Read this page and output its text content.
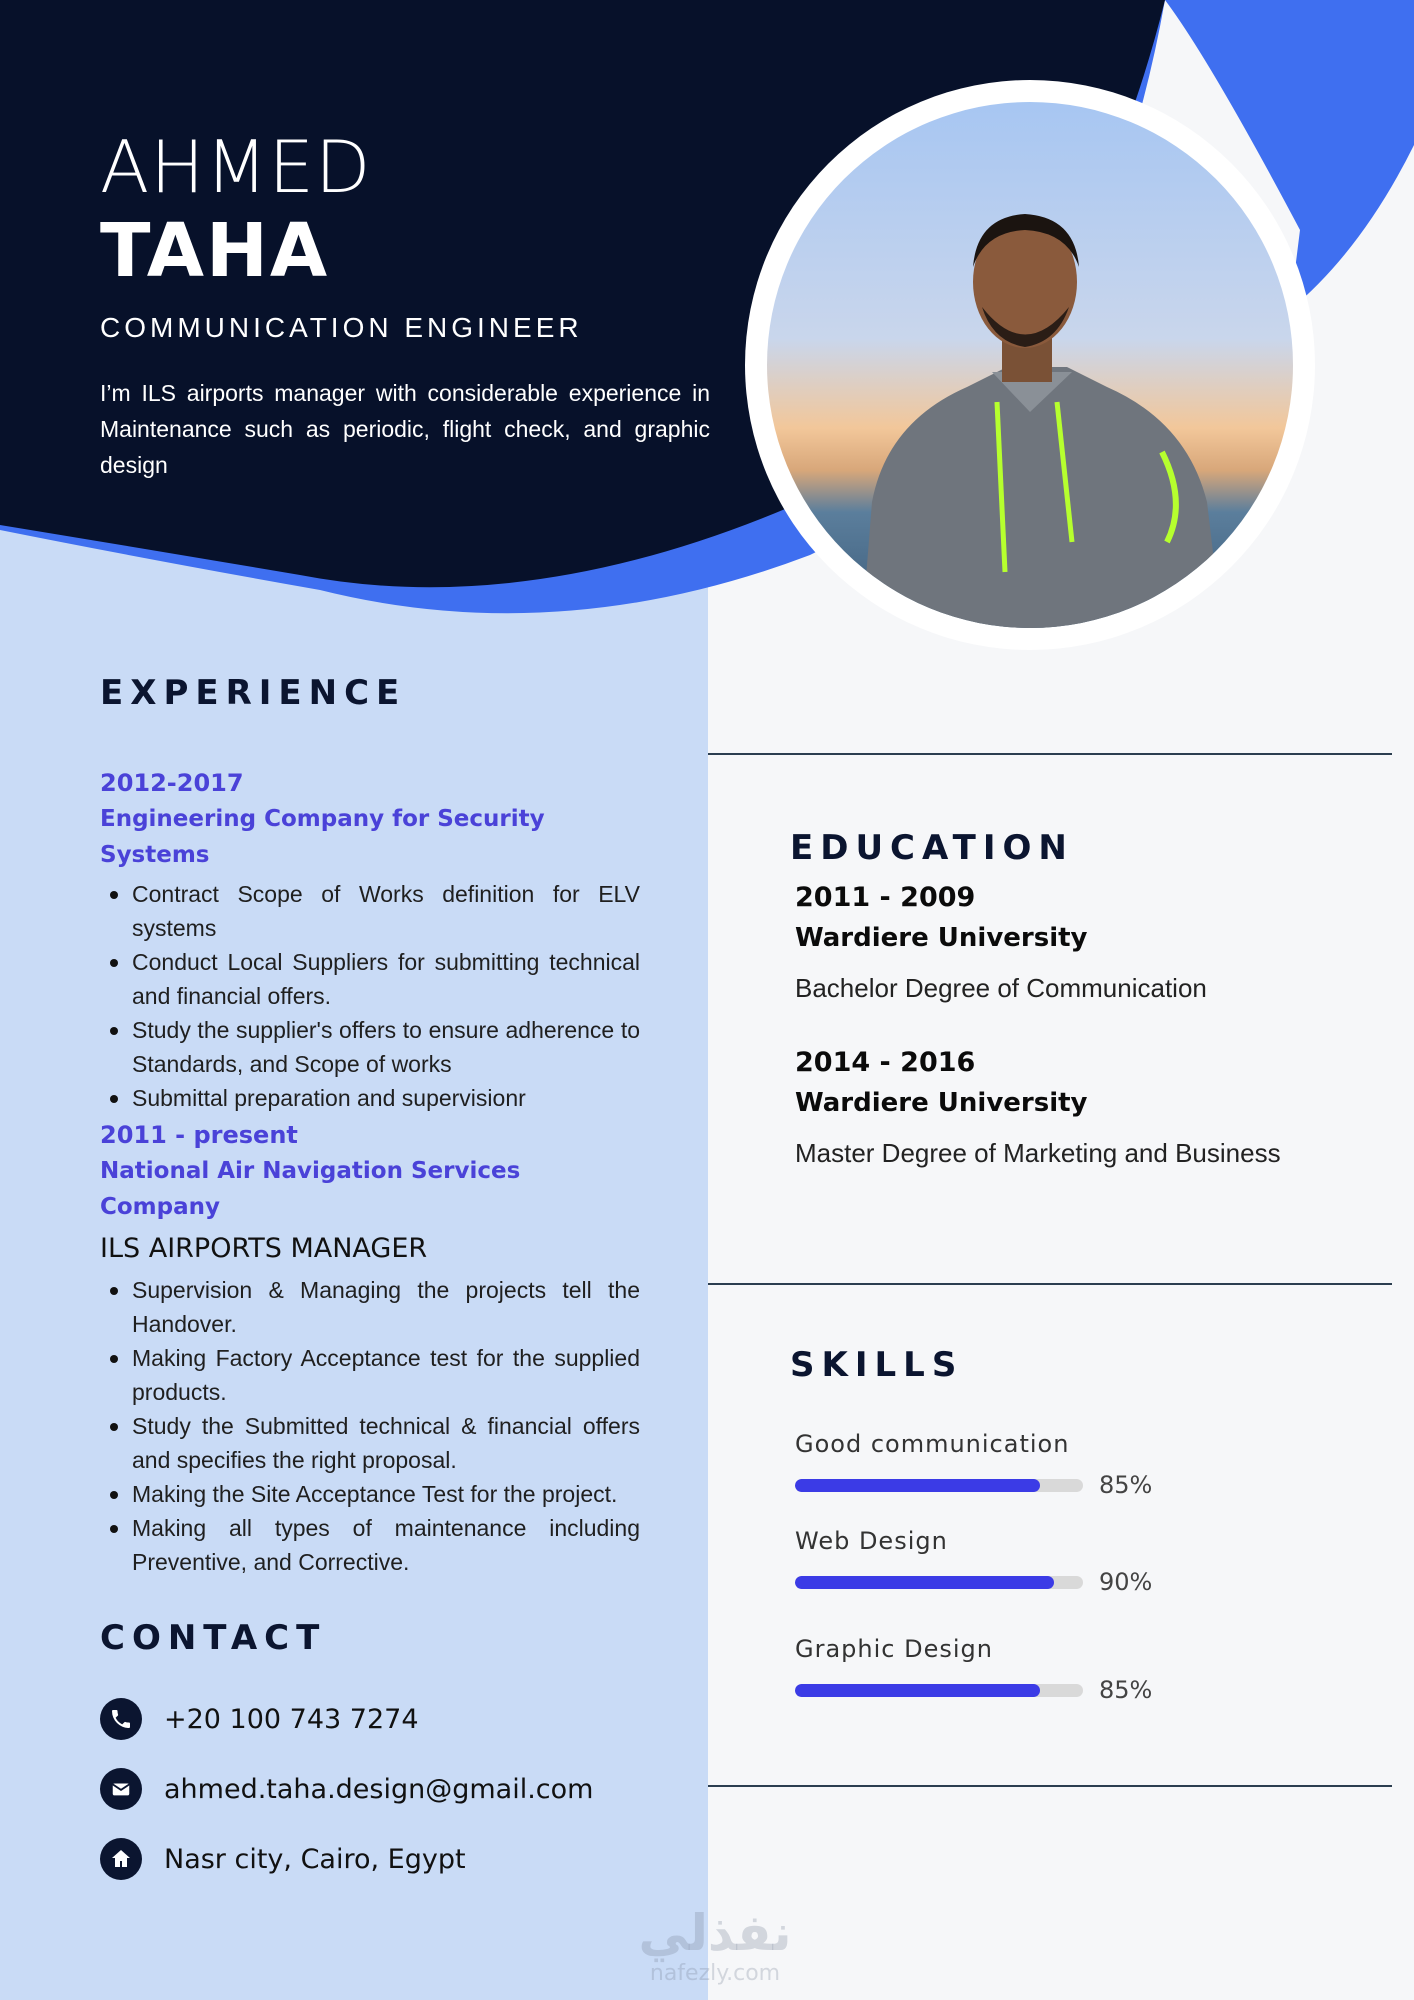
AHMED
TAHA
COMMUNICATION ENGINEER
I’m ILS airports manager with considerable experience in Maintenance such as periodic, flight check, and graphic design
EXPERIENCE
2012-2017
Engineering Company for Security Systems
Contract Scope of Works definition for ELV systems
Conduct Local Suppliers for submitting technical and financial offers.
Study the supplier's offers to ensure adherence to Standards, and Scope of works
Submittal preparation and supervisionr
2011 - present
National Air Navigation Services Company
ILS AIRPORTS MANAGER
Supervision & Managing the projects tell the Handover.
Making Factory Acceptance test for the supplied products.
Study the Submitted technical & financial offers and specifies the right proposal.
Making the Site Acceptance Test for the project.
Making all types of maintenance including Preventive, and Corrective.
CONTACT
+20 100 743 7274
ahmed.taha.design@gmail.com
Nasr city, Cairo, Egypt
EDUCATION
2011 - 2009
Wardiere University
Bachelor Degree of Communication
2014 - 2016
Wardiere University
Master Degree of Marketing and Business
SKILLS
Good communication
85%
Web Design
90%
Graphic Design
85%
نفذلي
nafezly.com
